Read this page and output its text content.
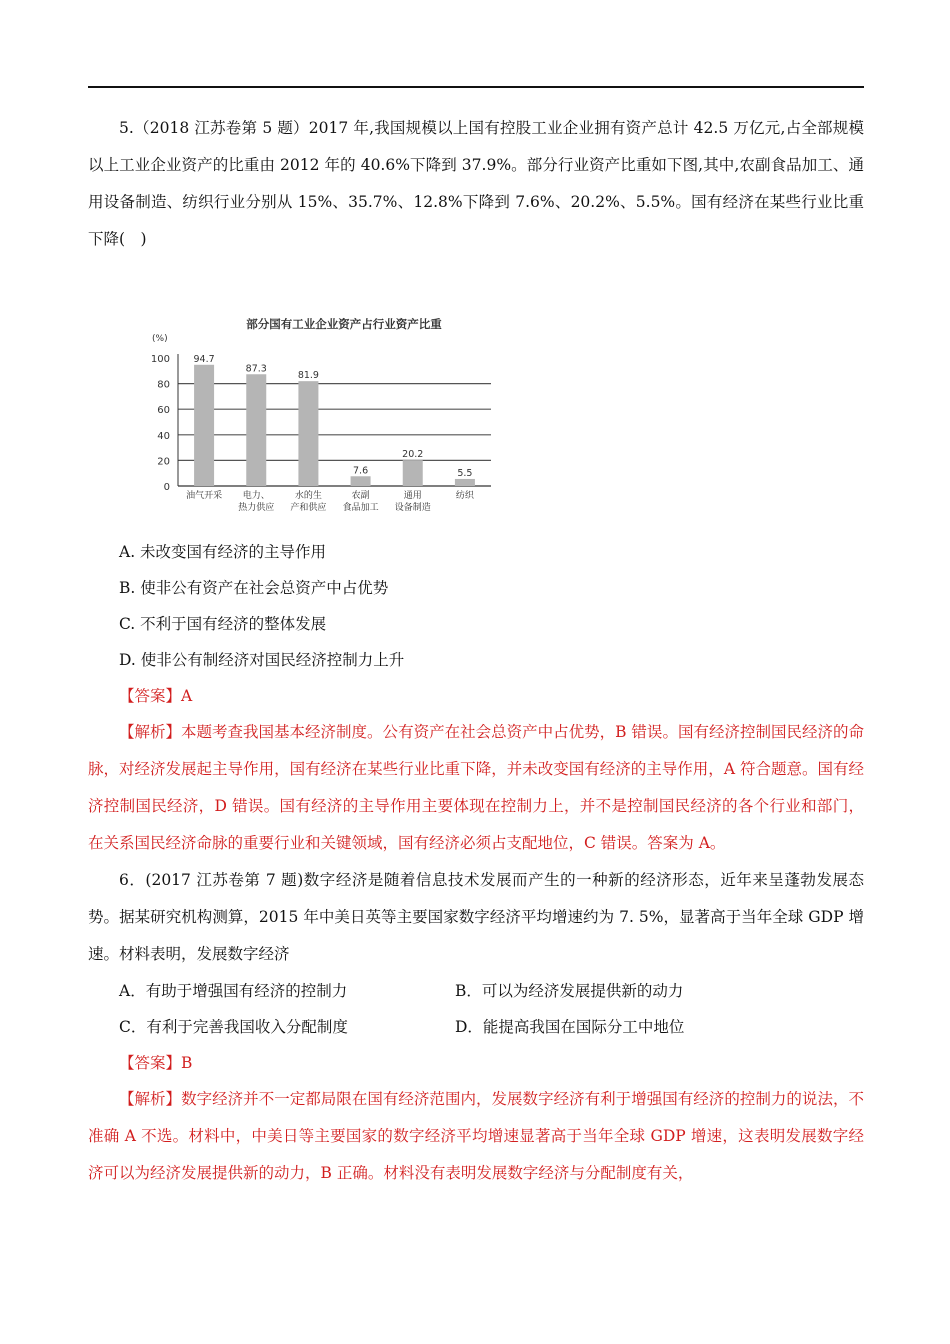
5.（2018 江苏卷第 5 题）2017 年,我国规模以上国有控股工业企业拥有资产总计 42.5 万亿元,占全部规模以上工业企业资产的比重由 2012 年的 40.6%下降到 37.9%。部分行业资产比重如下图,其中,农副食品加工、通用设备制造、纺织行业分别从 15%、35.7%、12.8%下降到 7.6%、20.2%、5.5%。国有经济在某些行业比重下降(　)

部分国有工业企业资产占行业资产比重
(%)
0
20
40
60
80
100 94.7
油气开采
87.3
电力、
热力供应
81.9
水的生
产和供应
7.6
农副
食品加工
20.2
通用
设备制造
5.5
纺织

A. 未改变国有经济的主导作用

B. 使非公有资产在社会总资产中占优势

C. 不利于国有经济的整体发展

D. 使非公有制经济对国民经济控制力上升

【答案】A

【解析】本题考查我国基本经济制度。公有资产在社会总资产中占优势，B 错误。国有经济控制国民经济的命脉，对经济发展起主导作用，国有经济在某些行业比重下降，并未改变国有经济的主导作用，A 符合题意。国有经济控制国民经济，D 错误。国有经济的主导作用主要体现在控制力上，并不是控制国民经济的各个行业和部门，在关系国民经济命脉的重要行业和关键领域，国有经济必须占支配地位，C 错误。答案为 A。

6．(2017 江苏卷第 7 题)数字经济是随着信息技术发展而产生的一种新的经济形态，近年来呈蓬勃发展态势。据某研究机构测算，2015 年中美日英等主要国家数字经济平均增速约为 7. 5%，显著高于当年全球 GDP 增速。材料表明，发展数字经济

A．有助于增强国有经济的控制力	B．可以为经济发展提供新的动力
C．有利于完善我国收入分配制度	D．能提高我国在国际分工中地位

【答案】B

【解析】数字经济并不一定都局限在国有经济范围内，发展数字经济有利于增强国有经济的控制力的说法，不准确 A 不选。材料中，中美日等主要国家的数字经济平均增速显著高于当年全球 GDP 增速，这表明发展数字经济可以为经济发展提供新的动力，B 正确。材料没有表明发展数字经济与分配制度有关，
